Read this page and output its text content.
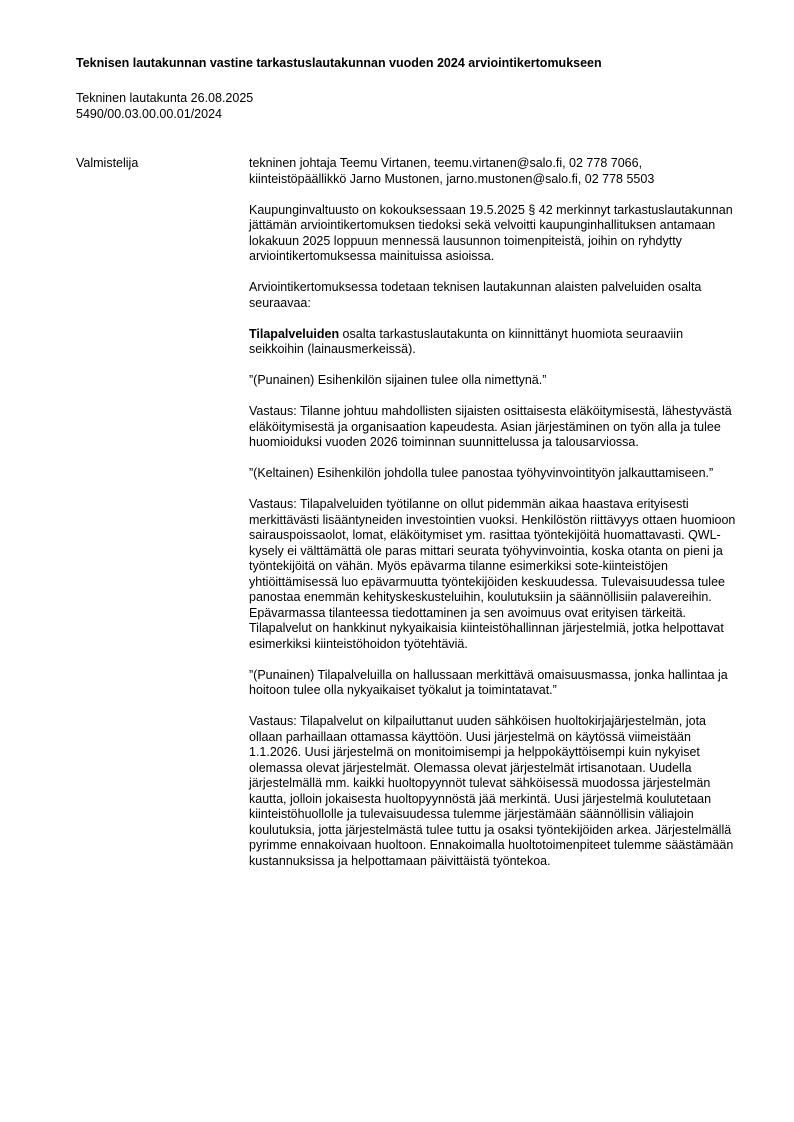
Teknisen lautakunnan vastine tarkastuslautakunnan vuoden 2024 arviointikertomukseen
Tekninen lautakunta 26.08.2025
5490/00.03.00.00.01/2024
Valmistelija	tekninen johtaja Teemu Virtanen, teemu.virtanen@salo.fi, 02 778 7066,
kiinteistöpäällikkö Jarno Mustonen, jarno.mustonen@salo.fi, 02 778 5503

Kaupunginvaltuusto on kokouksessaan 19.5.2025 § 42 merkinnyt tarkastuslautakunnan jättämän arviointikertomuksen tiedoksi sekä velvoitti kaupunginhallituksen antamaan lokakuun 2025 loppuun mennessä lausunnon toimenpiteistä, joihin on ryhdytty arviointikertomuksessa mainituissa asioissa.

Arviointikertomuksessa todetaan teknisen lautakunnan alaisten palveluiden osalta seuraavaa:

Tilapalveluiden osalta tarkastuslautakunta on kiinnittänyt huomiota seuraaviin seikkoihin (lainausmerkeissä).

”(Punainen) Esihenkilön sijainen tulee olla nimettynä.”

Vastaus: Tilanne johtuu mahdollisten sijaisten osittaisesta eläköitymisestä, lähestyvästä eläköitymisestä ja organisaation kapeudesta. Asian järjestäminen on työn alla ja tulee huomioiduksi vuoden 2026 toiminnan suunnittelussa ja talousarviossa.

”(Keltainen) Esihenkilön johdolla tulee panostaa työhyvinvointityön jalkauttamiseen.”

Vastaus: Tilapalveluiden työtilanne on ollut pidemmän aikaa haastava erityisesti merkittävästi lisääntyneiden investointien vuoksi. Henkilöstön riittävyys ottaen huomioon sairauspoissaolot, lomat, eläköitymiset ym. rasittaa työntekijöitä huomattavasti. QWL-kysely ei välttämättä ole paras mittari seurata työhyvinvointia, koska otanta on pieni ja työntekijöitä on vähän. Myös epävarma tilanne esimerkiksi sote-kiinteistöjen yhtiöittämisessä luo epävarmuutta työntekijöiden keskuudessa. Tulevaisuudessa tulee panostaa enemmän kehityskeskusteluihin, koulutuksiin ja säännöllisiin palavereihin. Epävarmassa tilanteessa tiedottaminen ja sen avoimuus ovat erityisen tärkeitä. Tilapalvelut on hankkinut nykyaikaisia kiinteistöhallinnan järjestelmiä, jotka helpottavat esimerkiksi kiinteistöhoidon työtehtäviä.

”(Punainen) Tilapalveluilla on hallussaan merkittävä omaisuusmassa, jonka hallintaa ja hoitoon tulee olla nykyaikaiset työkalut ja toimintatavat.”

Vastaus: Tilapalvelut on kilpailuttanut uuden sähköisen huoltokirjajärjestelmän, jota ollaan parhaillaan ottamassa käyttöön. Uusi järjestelmä on käytössä viimeistään 1.1.2026. Uusi järjestelmä on monitoimisempi ja helppokäyttöisempi kuin nykyiset olemassa olevat järjestelmät. Olemassa olevat järjestelmät irtisanotaan. Uudella järjestelmällä mm. kaikki huoltopyynnöt tulevat sähköisessä muodossa järjestelmän kautta, jolloin jokaisesta huoltopyynnöstä jää merkintä. Uusi järjestelmä koulutetaan kiinteistöhuollolle ja tulevaisuudessa tulemme järjestämään säännöllisin väliajoin koulutuksia, jotta järjestelmästä tulee tuttu ja osaksi työntekijöiden arkea. Järjestelmällä pyrimme ennakoivaan huoltoon. Ennakoimalla huoltotoimenpiteet tulemme säästämään kustannuksissa ja helpottamaan päivittäistä työntekoa.
